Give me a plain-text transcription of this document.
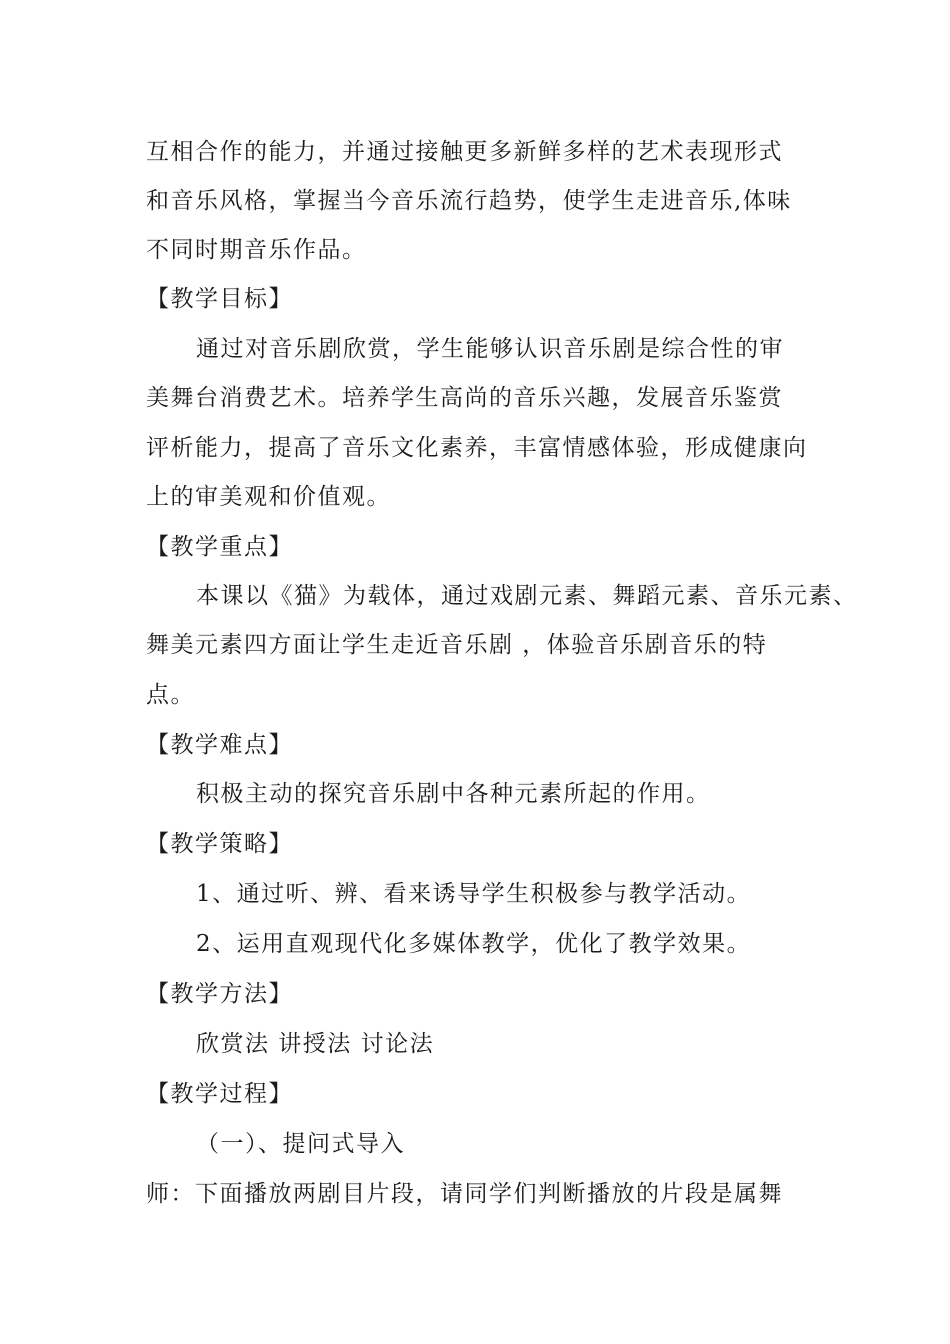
互相合作的能力，并通过接触更多新鲜多样的艺术表现形式
和音乐风格，掌握当今音乐流行趋势，使学生走进音乐,体味
不同时期音乐作品。
【教学目标】
通过对音乐剧欣赏，学生能够认识音乐剧是综合性的审
美舞台消费艺术。培养学生高尚的音乐兴趣，发展音乐鉴赏
评析能力，提高了音乐文化素养，丰富情感体验，形成健康向
上的审美观和价值观。
【教学重点】
本课以《猫》为载体，通过戏剧元素、舞蹈元素、音乐元素、
舞美元素四方面让学生走近音乐剧 ，体验音乐剧音乐的特
点。
【教学难点】
积极主动的探究音乐剧中各种元素所起的作用。
【教学策略】
1、通过听、辨、看来诱导学生积极参与教学活动。
2、运用直观现代化多媒体教学，优化了教学效果。
【教学方法】
欣赏法 讲授法 讨论法
【教学过程】
（一）、提问式导入
师：下面播放两剧目片段，请同学们判断播放的片段是属舞
